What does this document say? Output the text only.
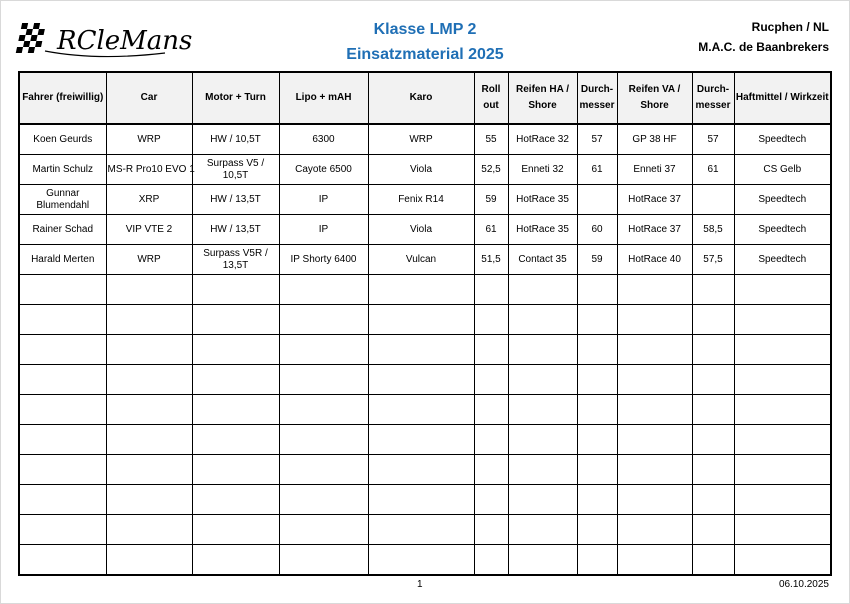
RCleMans	Klasse LMP 2
Einsatzmaterial 2025
Rucphen / NL
M.A.C. de Baanbrekers
Fahrer (freiwillig)	Car	Motor + Turn	Lipo + mAH	Karo	Roll out	Reifen HA / Shore	Durch-messer	Reifen VA / Shore	Durch-messer	Haftmittel / Wirkzeit
Koen Geurds	WRP	HW / 10,5T	6300	WRP	55	HotRace 32	57	GP 38 HF	57	Speedtech
Martin Schulz	MS-R Pro10 EVO 1	Surpass V5 / 10,5T	Cayote 6500	Viola	52,5	Enneti 32	61	Enneti 37	61	CS Gelb
Gunnar Blumendahl	XRP	HW / 13,5T	IP	Fenix R14	59	HotRace 35		HotRace 37		Speedtech
Rainer Schad	VIP VTE 2	HW / 13,5T	IP	Viola	61	HotRace 35	60	HotRace 37	58,5	Speedtech
Harald Merten	WRP	Surpass V5R / 13,5T	IP Shorty 6400	Vulcan	51,5	Contact 35	59	HotRace 40	57,5	Speedtech

1	06.10.2025
